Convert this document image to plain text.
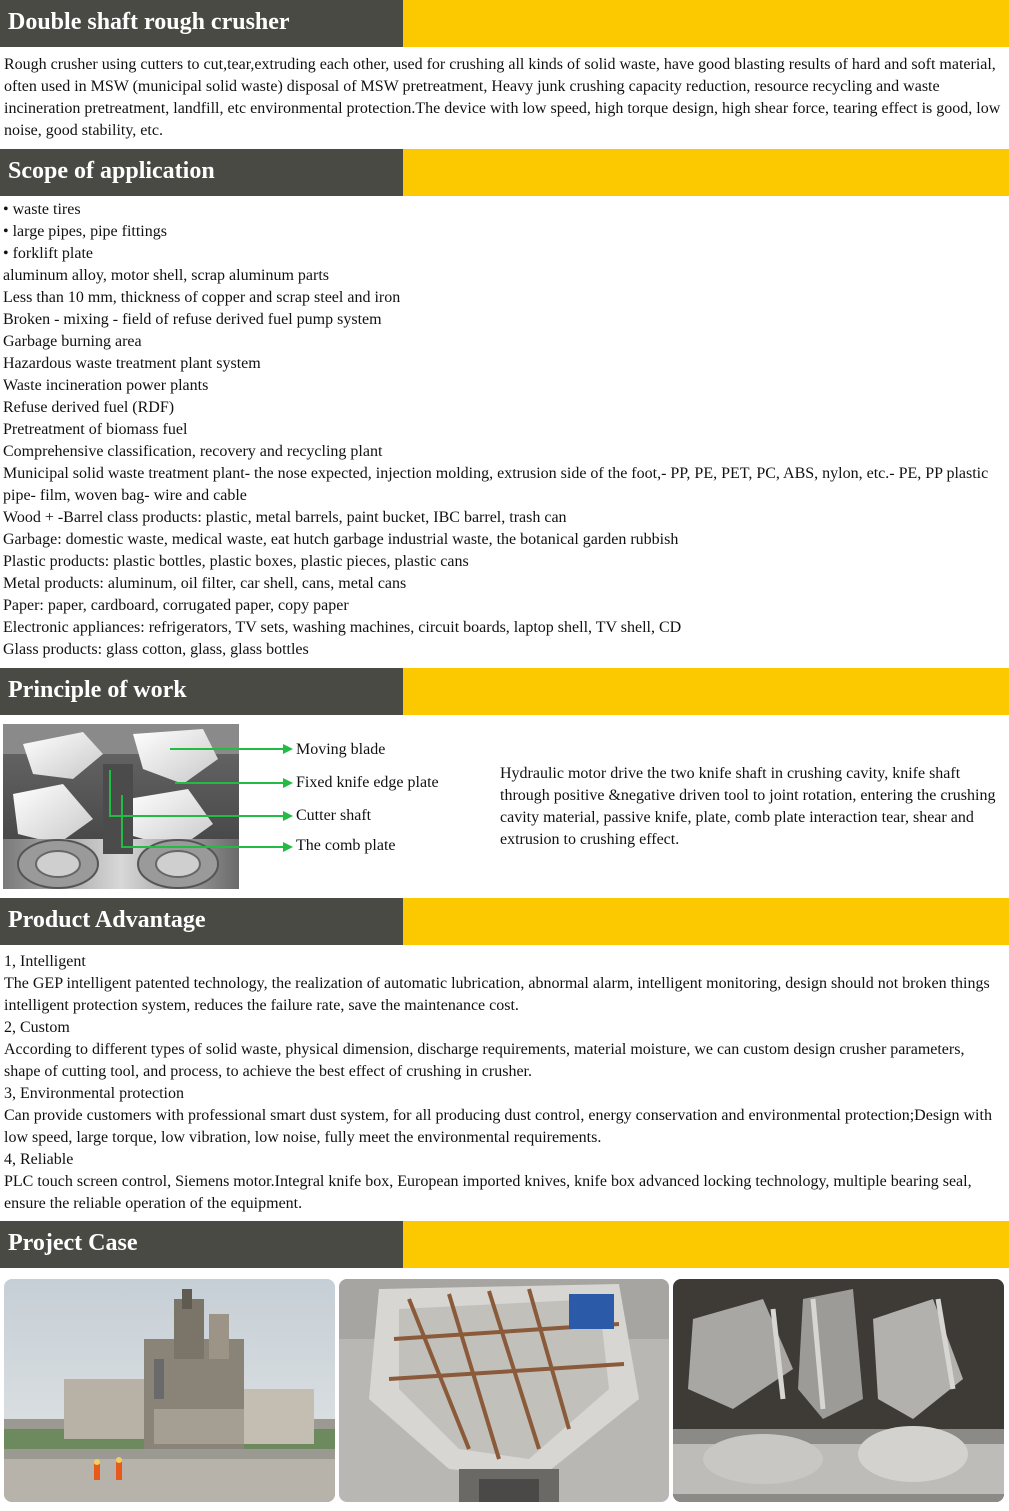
Double shaft rough crusher

Rough crusher using cutters to cut,tear,extruding each other, used for crushing all kinds of solid waste, have good blasting results of hard and soft material, often used in MSW (municipal solid waste) disposal of MSW pretreatment, Heavy junk crushing capacity reduction, resource recycling and waste incineration pretreatment, landfill, etc environmental protection.The device with low speed, high torque design, high shear force, tearing effect is good, low noise, good stability, etc.

Scope of application
• waste tires
• large pipes, pipe fittings
• forklift plate
aluminum alloy, motor shell, scrap aluminum parts
Less than 10 mm, thickness of copper and scrap steel and iron
Broken - mixing - field of refuse derived fuel pump system
Garbage burning area
Hazardous waste treatment plant system
Waste incineration power plants
Refuse derived fuel (RDF)
Pretreatment of biomass fuel
Comprehensive classification, recovery and recycling plant
Municipal solid waste treatment plant- the nose expected, injection molding, extrusion side of the foot,- PP, PE, PET, PC, ABS, nylon, etc.- PE, PP plastic pipe- film, woven bag- wire and cable
Wood + -Barrel class products: plastic, metal barrels, paint bucket, IBC barrel, trash can
Garbage: domestic waste, medical waste, eat hutch garbage industrial waste, the botanical garden rubbish
Plastic products: plastic bottles, plastic boxes, plastic pieces, plastic cans
Metal products: aluminum, oil filter, car shell, cans, metal cans
Paper: paper, cardboard, corrugated paper, copy paper
Electronic appliances: refrigerators, TV sets, washing machines, circuit boards, laptop shell, TV shell, CD
Glass products: glass cotton, glass, glass bottles
Principle of work
Moving blade
Fixed knife edge plate
Cutter shaft
The comb plate

Hydraulic motor drive the two knife shaft in crushing cavity, knife shaft through positive &negative driven tool to joint rotation, entering the crushing cavity material, passive knife, plate, comb plate interaction tear, shear and extrusion to crushing effect.

Product Advantage
1, Intelligent
The GEP intelligent patented technology, the realization of automatic lubrication, abnormal alarm, intelligent monitoring, design should not broken things intelligent protection system, reduces the failure rate, save the maintenance cost.
2, Custom
According to different types of solid waste, physical dimension, discharge requirements, material moisture, we can custom design crusher parameters, shape of cutting tool, and process, to achieve the best effect of crushing in crusher.
3, Environmental protection
Can provide customers with professional smart dust system, for all producing dust control, energy conservation and environmental protection;Design with low speed, large torque, low vibration, low noise, fully meet the environmental requirements.
4, Reliable
PLC touch screen control, Siemens motor.Integral knife box, European imported knives, knife box advanced locking technology, multiple bearing seal, ensure the reliable operation of the equipment.
Project Case
